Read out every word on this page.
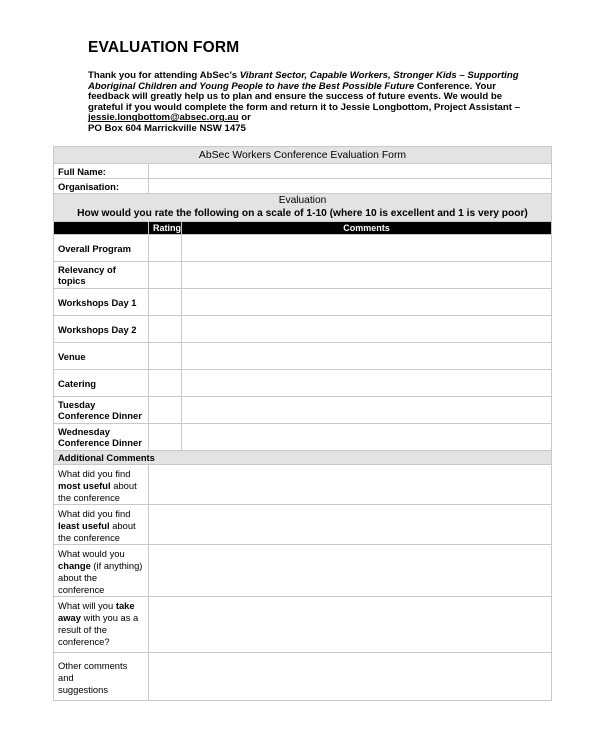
EVALUATION FORM
Thank you for attending AbSec’s Vibrant Sector, Capable Workers, Stronger Kids – Supporting
Aboriginal Children and Young People to have the Best Possible Future Conference. Your
feedback will greatly help us to plan and ensure the success of future events. We would be
grateful if you would complete the form and return it to Jessie Longbottom, Project Assistant –
jessie.longbottom@absec.org.au or
PO Box 604 Marrickville NSW 1475
AbSec Workers Conference Evaluation Form		
Full Name:		
Organisation:		

Evaluation
How would you rate the following on a scale of 1-10 (where 10 is excellent and 1 is very poor)		

	Rating	Comments
Overall Program		
Relevancy of topics		
Workshops Day 1		
Workshops Day 2		
Venue		
Catering		

Tuesday
Conference Dinner		

Wednesday
Conference Dinner		

Additional Comments		

What did you find
most useful about
the conference		

What did you find
least useful about
the conference		

What would you
change (if anything)
about the conference		

What will you take
away with you as a
result of the
conference?		

Other comments and
suggestions		
